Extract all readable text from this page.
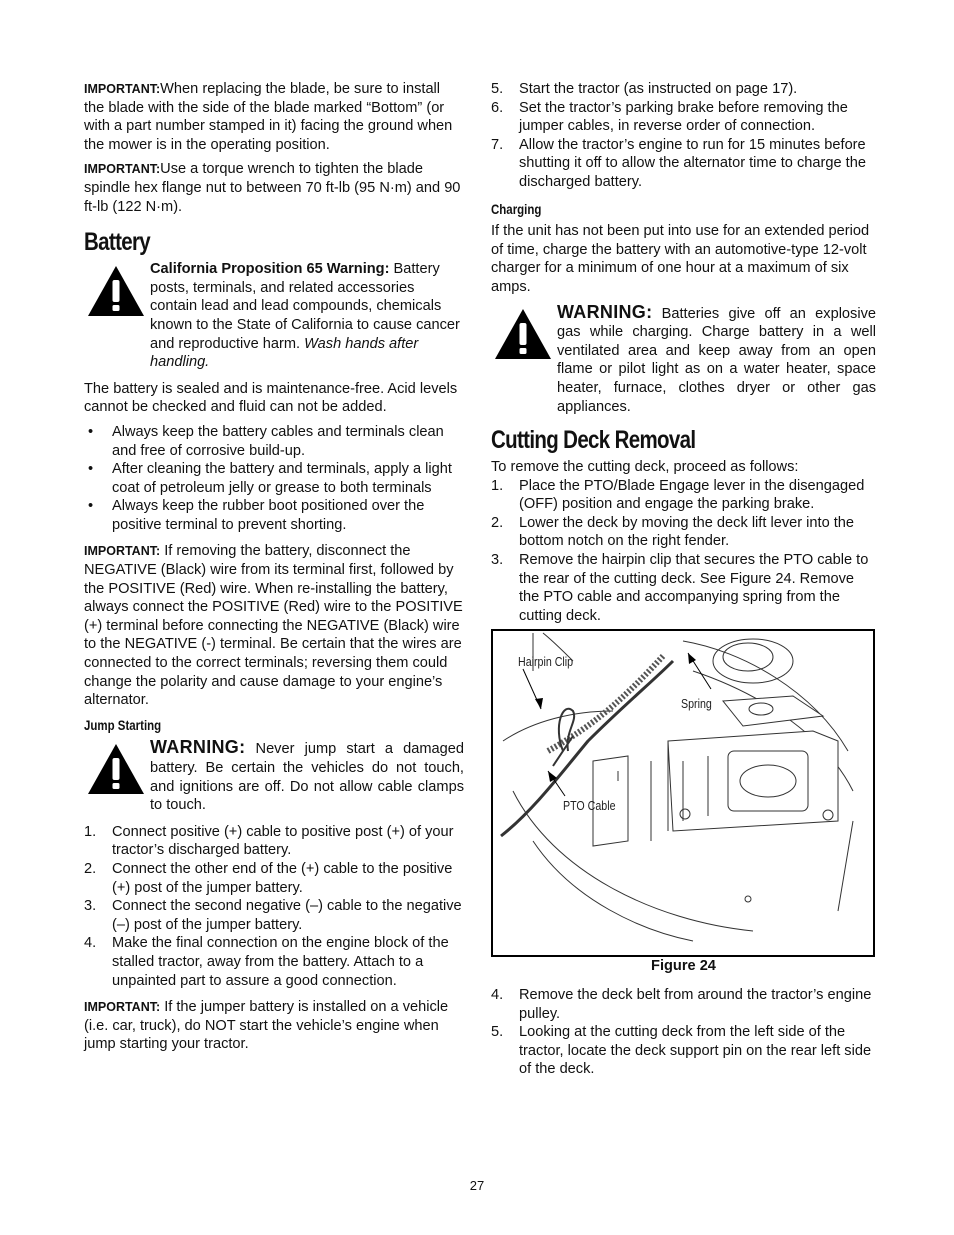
IMPORTANT:When replacing the blade, be sure to install the blade with the side of the blade marked “Bottom” (or with a part number stamped in it) facing the ground when the mower is in the operating position.

IMPORTANT:Use a torque wrench to tighten the blade spindle hex flange nut to between 70 ft-lb (95 N·m) and 90 ft-lb (122 N·m).

Battery
California Proposition 65 Warning: Battery posts, terminals, and related accessories contain lead and lead compounds, chemicals known to the State of California to cause cancer and reproductive harm. Wash hands after handling.

The battery is sealed and is maintenance-free. Acid levels cannot be checked and fluid can not be added.

• Always keep the battery cables and terminals clean and free of corrosive build-up.
• After cleaning the battery and terminals, apply a light coat of petroleum jelly or grease to both terminals
• Always keep the rubber boot positioned over the positive terminal to prevent shorting.

IMPORTANT: If removing the battery, disconnect the NEGATIVE (Black) wire from its terminal first, followed by the POSITIVE (Red) wire. When re-installing the battery, always connect the POSITIVE (Red) wire to the POSITIVE (+) terminal before connecting the NEGATIVE (Black) wire to the NEGATIVE (-) terminal. Be certain that the wires are connected to the correct terminals; reversing them could change the polarity and cause damage to your engine’s alternator.

Jump Starting
WARNING: Never jump start a damaged battery. Be certain the vehicles do not touch, and ignitions are off. Do not allow cable clamps to touch.
1. Connect positive (+) cable to positive post (+) of your tractor’s discharged battery.
2. Connect the other end of the (+) cable to the positive (+) post of the jumper battery.
3. Connect the second negative (–) cable to the negative (–) post of the jumper battery.
4. Make the final connection on the engine block of the stalled tractor, away from the battery. Attach to a unpainted part to assure a good connection.

IMPORTANT: If the jumper battery is installed on a vehicle (i.e. car, truck), do NOT start the vehicle’s engine when jump starting your tractor.

5. Start the tractor (as instructed on page 17).
6. Set the tractor’s parking brake before removing the jumper cables, in reverse order of connection.
7. Allow the tractor’s engine to run for 15 minutes before shutting it off to allow the alternator time to charge the discharged battery.
Charging

If the unit has not been put into use for an extended period of time, charge the battery with an automotive-type 12-volt charger for a minimum of one hour at a maximum of six amps.

WARNING: Batteries give off an explosive gas while charging. Charge battery in a well ventilated area and keep away from an open flame or pilot light as on a water heater, space heater, furnace, clothes dryer or other gas appliances.
Cutting Deck Removal

To remove the cutting deck, proceed as follows:

1. Place the PTO/Blade Engage lever in the disengaged (OFF) position and engage the parking brake.
2. Lower the deck by moving the deck lift lever into the bottom notch on the right fender.
3. Remove the hairpin clip that secures the PTO cable to the rear of the cutting deck. See Figure 24. Remove the PTO cable and accompanying spring from the cutting deck.
Hairpin Clip
Spring
PTO Cable
Figure 24
4. Remove the deck belt from around the tractor’s engine pulley.
5. Looking at the cutting deck from the left side of the tractor, locate the deck support pin on the rear left side of the deck.
27
